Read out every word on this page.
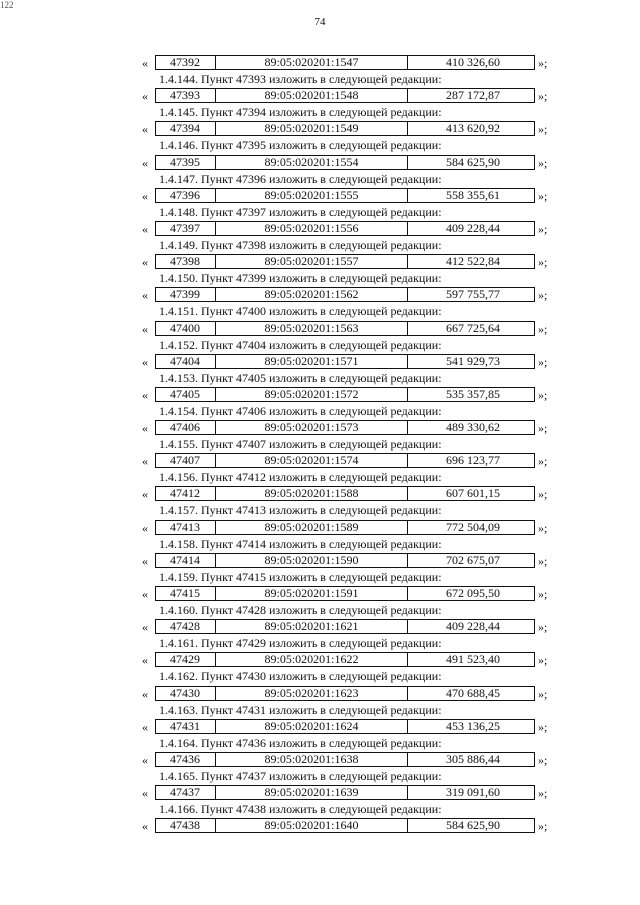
122
74
«	47392	89:05:020201:1547	410 326,60	»;
1.4.144. Пункт 47393 изложить в следующей редакции:
«	47393	89:05:020201:1548	287 172,87	»;
1.4.145. Пункт 47394 изложить в следующей редакции:
«	47394	89:05:020201:1549	413 620,92	»;
1.4.146. Пункт 47395 изложить в следующей редакции:
«	47395	89:05:020201:1554	584 625,90	»;
1.4.147. Пункт 47396 изложить в следующей редакции:
«	47396	89:05:020201:1555	558 355,61	»;
1.4.148. Пункт 47397 изложить в следующей редакции:
«	47397	89:05:020201:1556	409 228,44	»;
1.4.149. Пункт 47398 изложить в следующей редакции:
«	47398	89:05:020201:1557	412 522,84	»;
1.4.150. Пункт 47399 изложить в следующей редакции:
«	47399	89:05:020201:1562	597 755,77	»;
1.4.151. Пункт 47400 изложить в следующей редакции:
«	47400	89:05:020201:1563	667 725,64	»;
1.4.152. Пункт 47404 изложить в следующей редакции:
«	47404	89:05:020201:1571	541 929,73	»;
1.4.153. Пункт 47405 изложить в следующей редакции:
«	47405	89:05:020201:1572	535 357,85	»;
1.4.154. Пункт 47406 изложить в следующей редакции:
«	47406	89:05:020201:1573	489 330,62	»;
1.4.155. Пункт 47407 изложить в следующей редакции:
«	47407	89:05:020201:1574	696 123,77	»;
1.4.156. Пункт 47412 изложить в следующей редакции:
«	47412	89:05:020201:1588	607 601,15	»;
1.4.157. Пункт 47413 изложить в следующей редакции:
«	47413	89:05:020201:1589	772 504,09	»;
1.4.158. Пункт 47414 изложить в следующей редакции:
«	47414	89:05:020201:1590	702 675,07	»;
1.4.159. Пункт 47415 изложить в следующей редакции:
«	47415	89:05:020201:1591	672 095,50	»;
1.4.160. Пункт 47428 изложить в следующей редакции:
«	47428	89:05:020201:1621	409 228,44	»;
1.4.161. Пункт 47429 изложить в следующей редакции:
«	47429	89:05:020201:1622	491 523,40	»;
1.4.162. Пункт 47430 изложить в следующей редакции:
«	47430	89:05:020201:1623	470 688,45	»;
1.4.163. Пункт 47431 изложить в следующей редакции:
«	47431	89:05:020201:1624	453 136,25	»;
1.4.164. Пункт 47436 изложить в следующей редакции:
«	47436	89:05:020201:1638	305 886,44	»;
1.4.165. Пункт 47437 изложить в следующей редакции:
«	47437	89:05:020201:1639	319 091,60	»;
1.4.166. Пункт 47438 изложить в следующей редакции:
«	47438	89:05:020201:1640	584 625,90	»;
